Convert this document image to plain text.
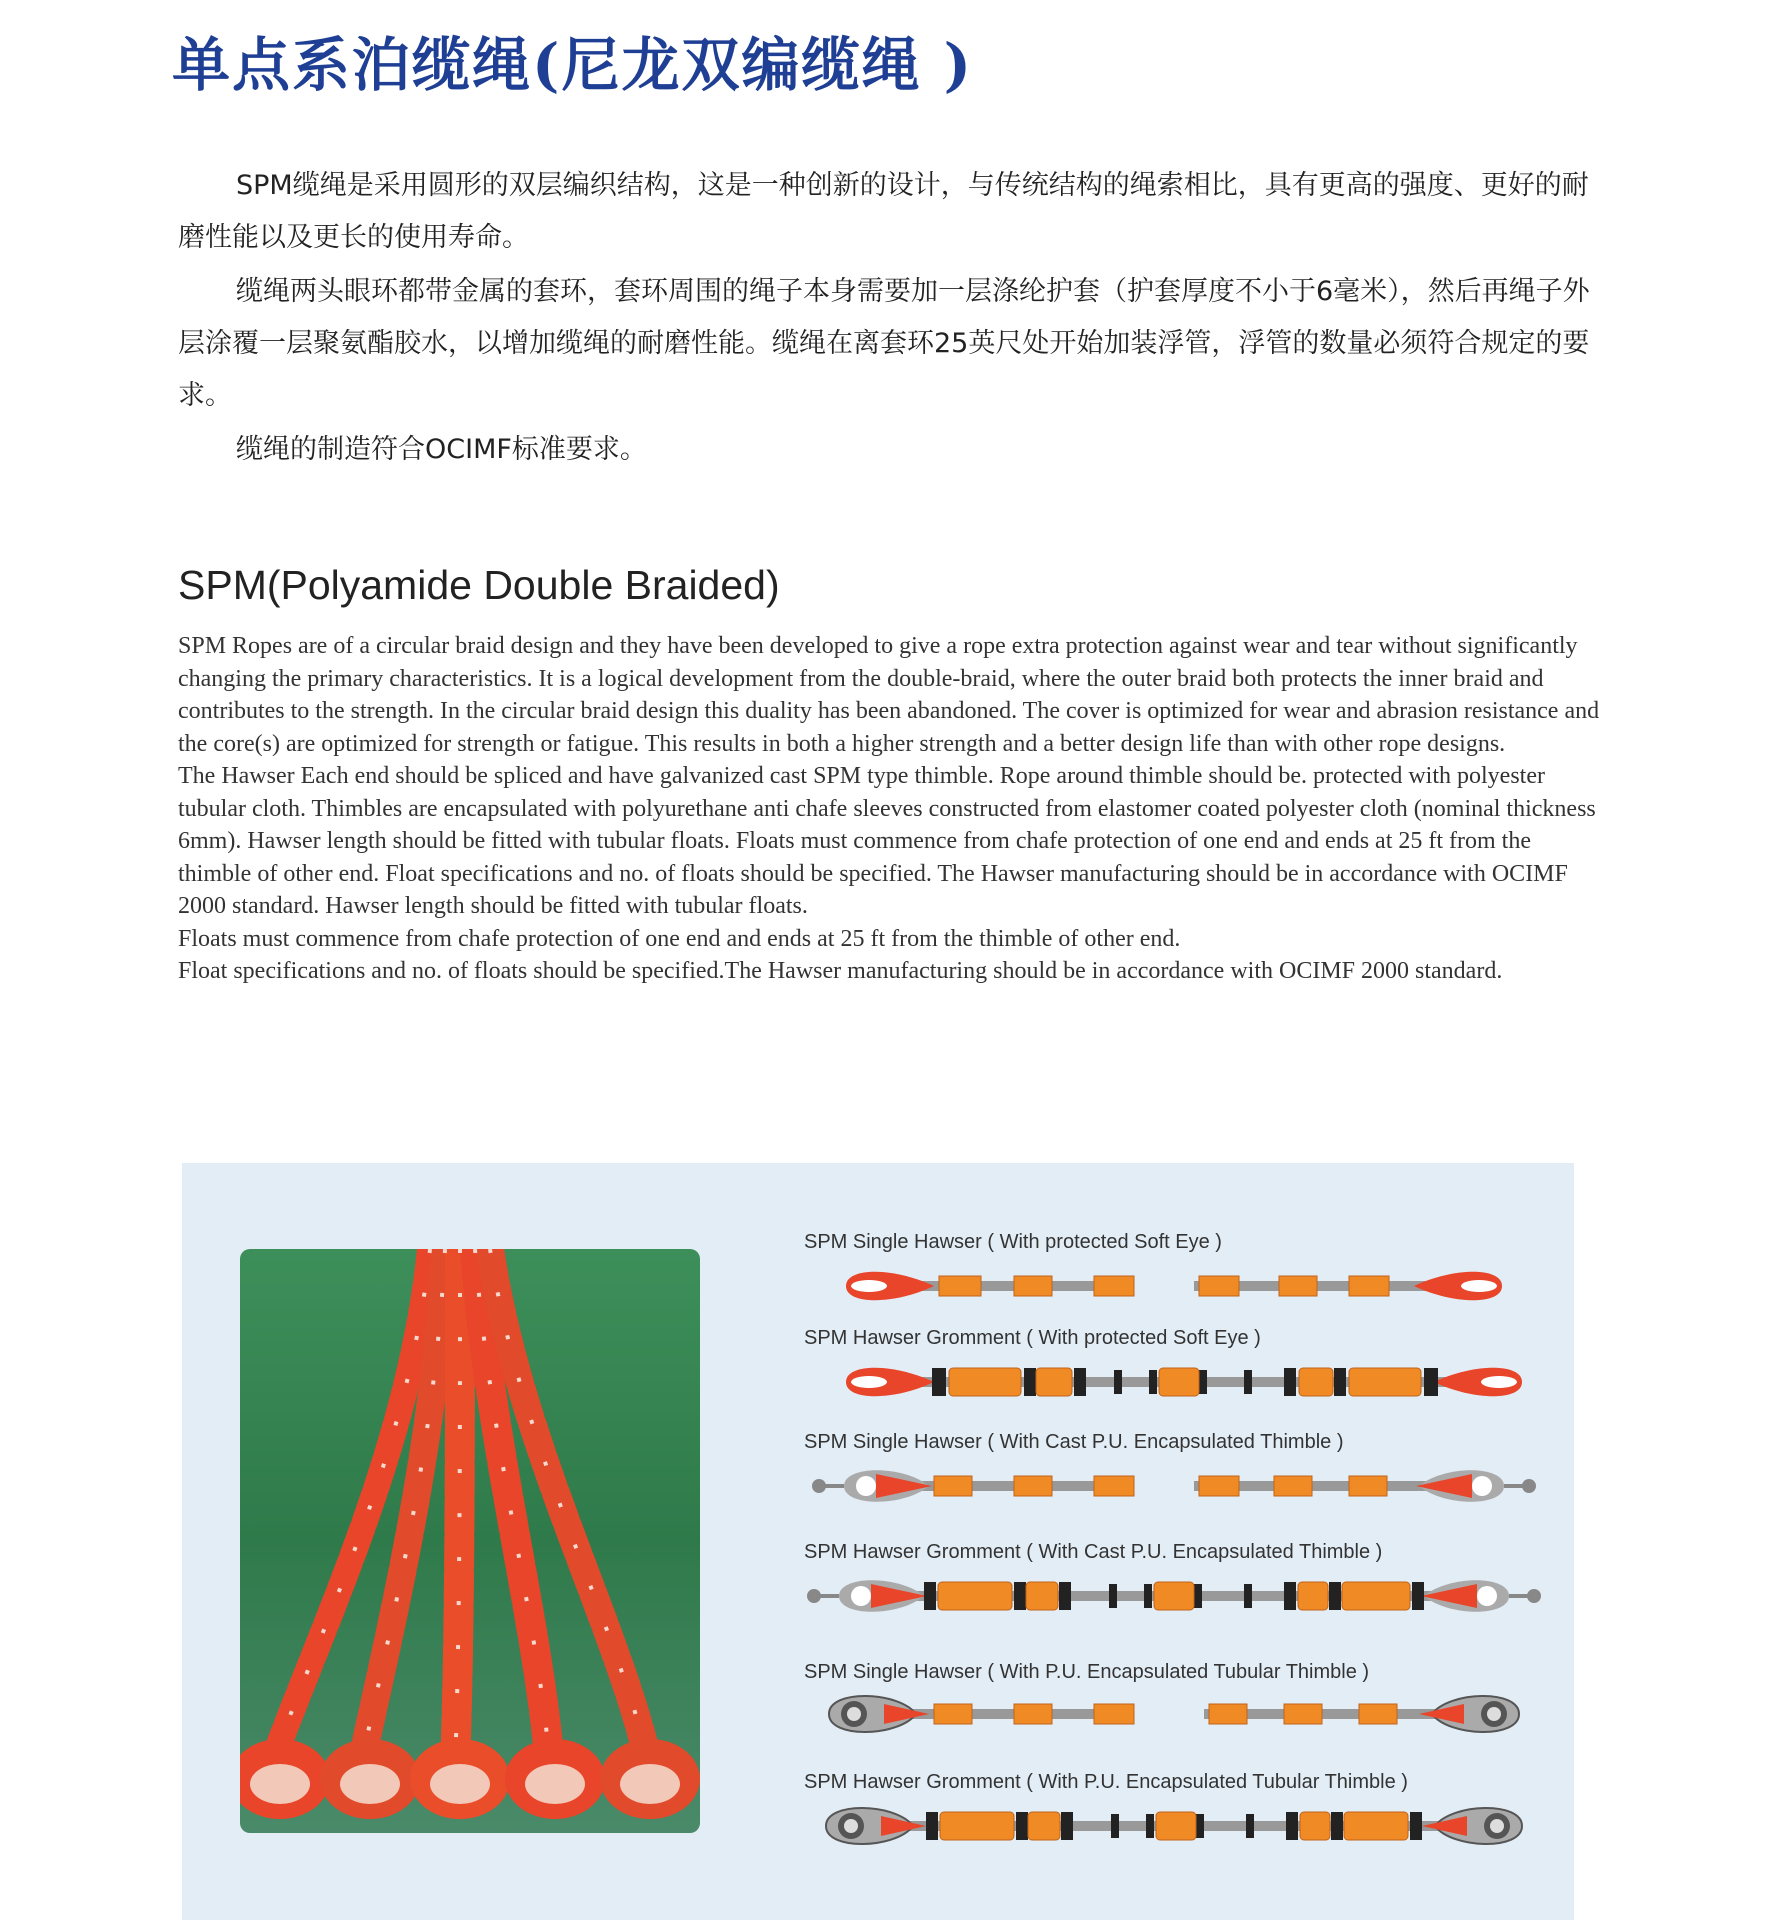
单点系泊缆绳(尼龙双编缆绳 )

SPM缆绳是采用圆形的双层编织结构，这是一种创新的设计，与传统结构的绳索相比，具有更高的强度、更好的耐磨性能以及更长的使用寿命。

缆绳两头眼环都带金属的套环，套环周围的绳子本身需要加一层涤纶护套（护套厚度不小于6毫米），然后再绳子外层涂覆一层聚氨酯胶水，以增加缆绳的耐磨性能。缆绳在离套环25英尺处开始加装浮管，浮管的数量必须符合规定的要求。

缆绳的制造符合OCIMF标准要求。

SPM(Polyamide Double Braided)

SPM Ropes are of a circular braid design and they have been developed to give a rope extra protection against wear and tear without significantly changing the primary characteristics. It is a logical development from the double-braid, where the outer braid both protects the inner braid and contributes to the strength. In the circular braid design this duality has been abandoned. The cover is optimized for wear and abrasion resistance and the core(s) are optimized for strength or fatigue. This results in both a higher strength and a better design life than with other rope designs.

The Hawser Each end should be spliced and have galvanized cast SPM type thimble. Rope around thimble should be. protected with polyester tubular cloth. Thimbles are encapsulated with polyurethane anti chafe sleeves constructed from elastomer coated polyester cloth (nominal thickness 6mm). Hawser length should be fitted with tubular floats. Floats must commence from chafe protection of one end and ends at 25 ft from the thimble of other end. Float specifications and no. of floats should be specified. The Hawser manufacturing should be in accordance with OCIMF 2000 standard. Hawser length should be fitted with tubular floats.

Floats must commence from chafe protection of one end and ends at 25 ft from the thimble of other end.

Float specifications and no. of floats should be specified.The Hawser manufacturing should be in accordance with OCIMF 2000 standard.

SPM Single Hawser ( With protected Soft Eye )
SPM Hawser Gromment ( With protected Soft Eye )
SPM Single Hawser ( With Cast P.U. Encapsulated Thimble )
SPM Hawser Gromment ( With Cast P.U. Encapsulated Thimble )
SPM Single Hawser ( With P.U. Encapsulated Tubular Thimble )
SPM Hawser Gromment ( With P.U. Encapsulated Tubular Thimble )
